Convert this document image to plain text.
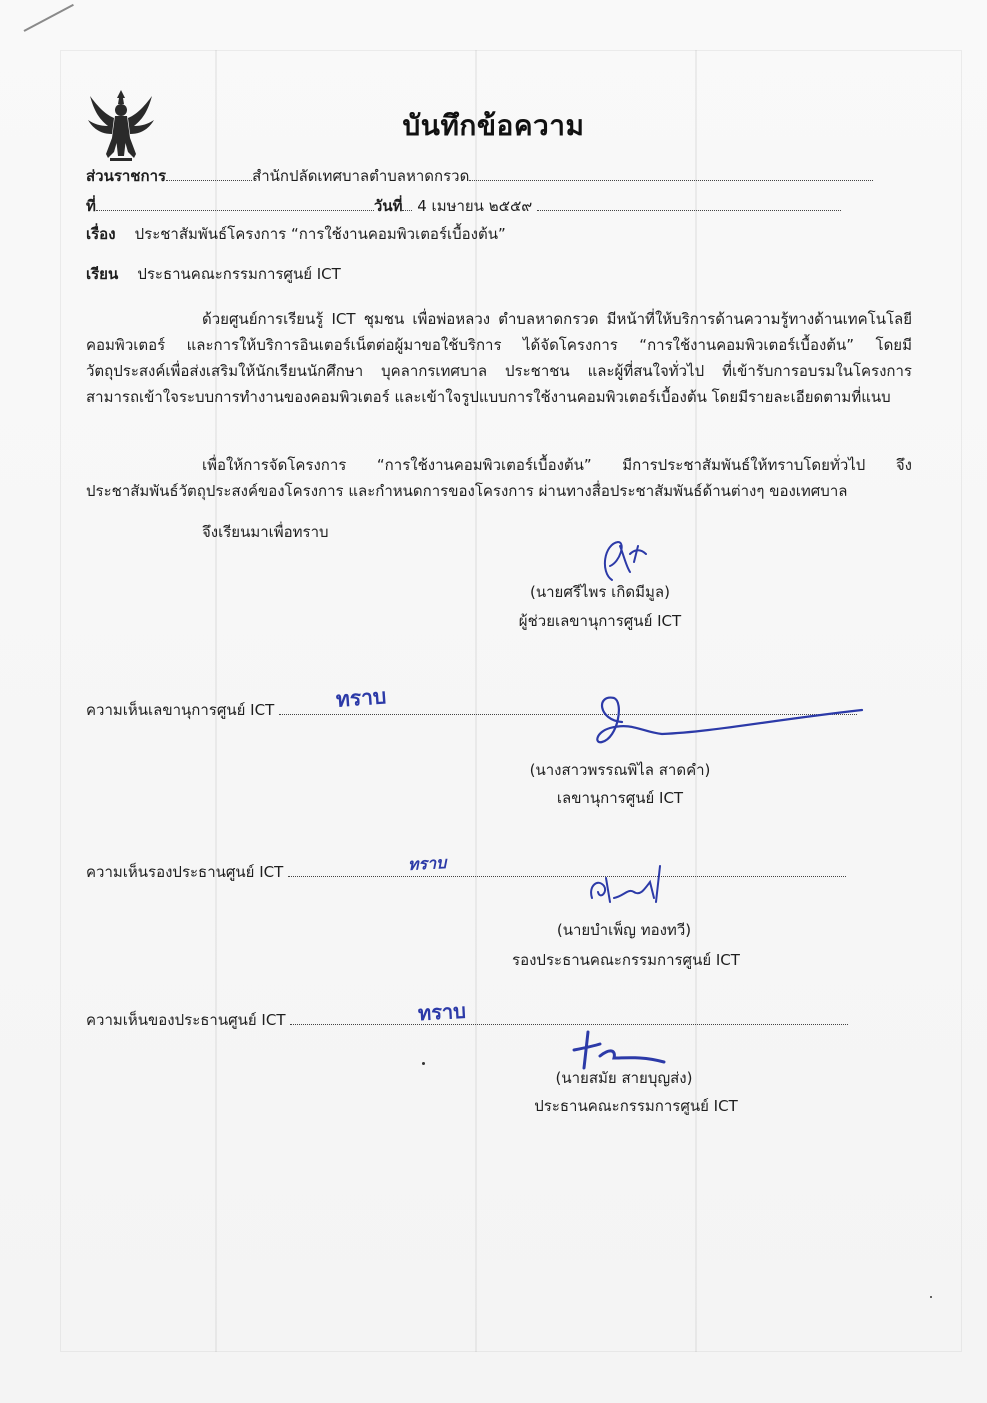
บันทึกข้อความ
ส่วนราชการ	สำนักปลัดเทศบาลตำบลหาดกรวด
ที่	วันที่ 4 เมษายน ๒๕๕๙
เรื่อง ประชาสัมพันธ์โครงการ “การใช้งานคอมพิวเตอร์เบื้องต้น”
เรียน ประธานคณะกรรมการศูนย์ ICT
ด้วยศูนย์การเรียนรู้ ICT ชุมชน เพื่อพ่อหลวง ตำบลหาดกรวด มีหน้าที่ให้บริการด้านความรู้ทางด้านเทคโนโลยีคอมพิวเตอร์ และการให้บริการอินเตอร์เน็ตต่อผู้มาขอใช้บริการ ได้จัดโครงการ “การใช้งานคอมพิวเตอร์เบื้องต้น” โดยมีวัตถุประสงค์เพื่อส่งเสริมให้นักเรียนนักศึกษา บุคลากรเทศบาล ประชาชน และผู้ที่สนใจทั่วไป ที่เข้ารับการอบรมในโครงการสามารถเข้าใจระบบการทำงานของคอมพิวเตอร์ และเข้าใจรูปแบบการใช้งานคอมพิวเตอร์เบื้องต้น โดยมีรายละเอียดตามที่แนบ
เพื่อให้การจัดโครงการ “การใช้งานคอมพิวเตอร์เบื้องต้น” มีการประชาสัมพันธ์ให้ทราบโดยทั่วไป จึงประชาสัมพันธ์วัตถุประสงค์ของโครงการ และกำหนดการของโครงการ ผ่านทางสื่อประชาสัมพันธ์ด้านต่างๆ ของเทศบาล
จึงเรียนมาเพื่อทราบ
(นายศรีไพร เกิดมีมูล)
ผู้ช่วยเลขานุการศูนย์ ICT
ความเห็นเลขานุการศูนย์ ICT	ทราบ
(นางสาวพรรณพิไล สาดคำ)
เลขานุการศูนย์ ICT
ความเห็นรองประธานศูนย์ ICT	ทราบ
(นายบำเพ็ญ ทองทวี)
รองประธานคณะกรรมการศูนย์ ICT
ความเห็นของประธานศูนย์ ICT	ทราบ
(นายสมัย สายบุญส่ง)
ประธานคณะกรรมการศูนย์ ICT
